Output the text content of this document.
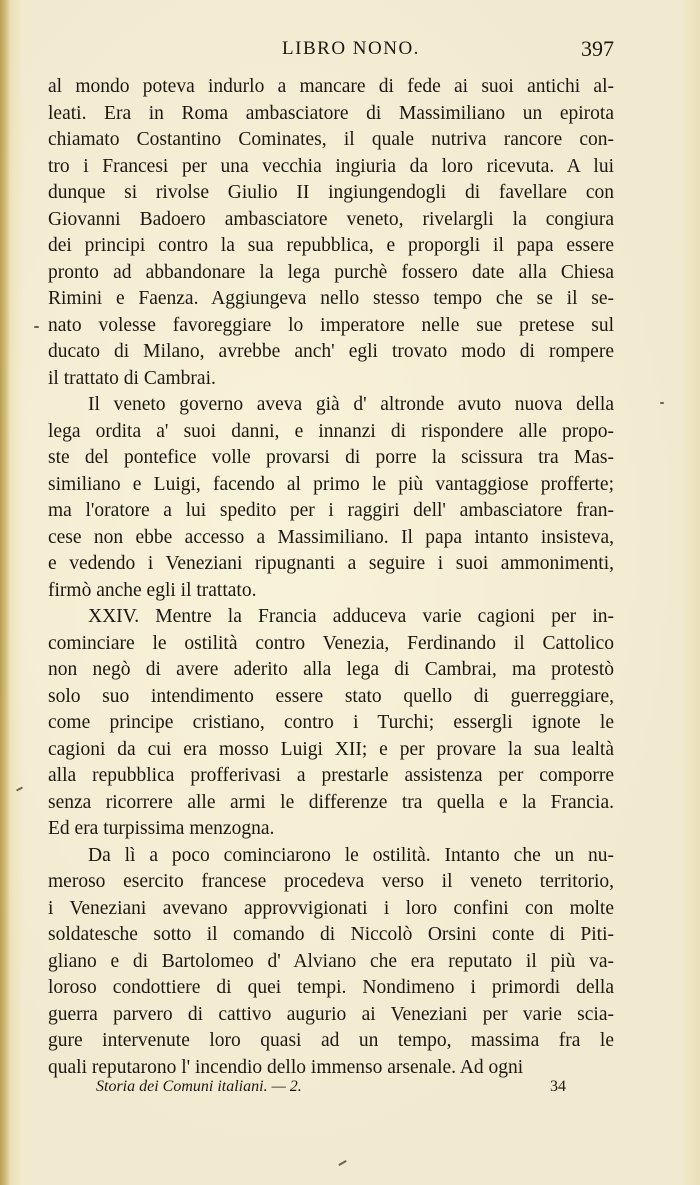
LIBRO NONO.	397
al mondo poteva indurlo a mancare di fede ai suoi antichi al-
leati. Era in Roma ambasciatore di Massimiliano un epirota
chiamato Costantino Cominates, il quale nutriva rancore con-
tro i Francesi per una vecchia ingiuria da loro ricevuta. A lui
dunque si rivolse Giulio II ingiungendogli di favellare con
Giovanni Badoero ambasciatore veneto, rivelargli la congiura
dei principi contro la sua repubblica, e proporgli il papa essere
pronto ad abbandonare la lega purchè fossero date alla Chiesa
Rimini e Faenza. Aggiungeva nello stesso tempo che se il se-
nato volesse favoreggiare lo imperatore nelle sue pretese sul
ducato di Milano, avrebbe anch' egli trovato modo di rompere
il trattato di Cambrai.
Il veneto governo aveva già d' altronde avuto nuova della
lega ordita a' suoi danni, e innanzi di rispondere alle propo-
ste del pontefice volle provarsi di porre la scissura tra Mas-
similiano e Luigi, facendo al primo le più vantaggiose profferte;
ma l'oratore a lui spedito per i raggiri dell' ambasciatore fran-
cese non ebbe accesso a Massimiliano. Il papa intanto insisteva,
e vedendo i Veneziani ripugnanti a seguire i suoi ammonimenti,
firmò anche egli il trattato.
XXIV. Mentre la Francia adduceva varie cagioni per in-
cominciare le ostilità contro Venezia, Ferdinando il Cattolico
non negò di avere aderito alla lega di Cambrai, ma protestò
solo suo intendimento essere stato quello di guerreggiare,
come principe cristiano, contro i Turchi; essergli ignote le
cagioni da cui era mosso Luigi XII; e per provare la sua lealtà
alla repubblica profferivasi a prestarle assistenza per comporre
senza ricorrere alle armi le differenze tra quella e la Francia.
Ed era turpissima menzogna.
Da lì a poco cominciarono le ostilità. Intanto che un nu-
meroso esercito francese procedeva verso il veneto territorio,
i Veneziani avevano approvvigionati i loro confini con molte
soldatesche sotto il comando di Niccolò Orsini conte di Piti-
gliano e di Bartolomeo d' Alviano che era reputato il più va-
loroso condottiere di quei tempi. Nondimeno i primordi della
guerra parvero di cattivo augurio ai Veneziani per varie scia-
gure intervenute loro quasi ad un tempo, massima fra le
quali reputarono l' incendio dello immenso arsenale. Ad ogni
Storia dei Comuni italiani. — 2.	34
